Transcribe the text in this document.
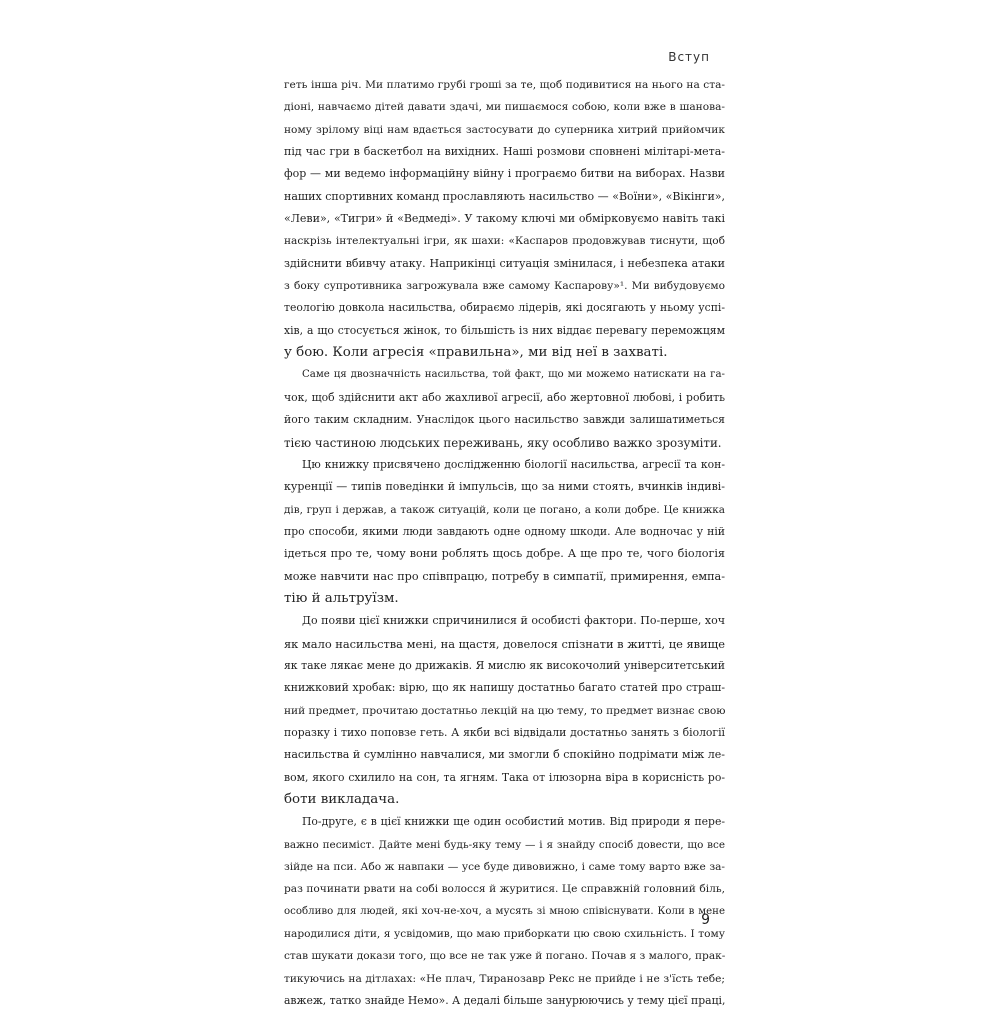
Вступ
геть інша річ. Ми платимо грубі гроші за те, щоб подивитися на нього на ста-
діоні, навчаємо дітей давати здачі, ми пишаємося собою, коли вже в шанова-
ному зрілому віці нам вдається застосувати до суперника хитрий прийомчик
під час гри в баскетбол на вихідних. Наші розмови сповнені мілітарі-мета-
фор — ми ведемо інформаційну війну і програємо битви на виборах. Назви
наших спортивних команд прославляють насильство — «Воїни», «Вікінги»,
«Леви», «Тигри» й «Ведмеді». У такому ключі ми обмірковуємо навіть такі
наскрізь інтелектуальні ігри, як шахи: «Каспаров продовжував тиснути, щоб
здійснити вбивчу атаку. Наприкінці ситуація змінилася, і небезпека атаки
з боку супротивника загрожувала вже самому Каспарову»¹. Ми вибудовуємо
теологію довкола насильства, обираємо лідерів, які досягають у ньому успі-
хів, а що стосується жінок, то більшість із них віддає перевагу переможцям
у бою. Коли агресія «правильна», ми від неї в захваті.
Саме ця двозначність насильства, той факт, що ми можемо натискати на га-
чок, щоб здійснити акт або жахливої агресії, або жертовної любові, і робить
його таким складним. Унаслідок цього насильство завжди залишатиметься
тією частиною людських переживань, яку особливо важко зрозуміти.
Цю книжку присвячено дослідженню біології насильства, агресії та кон-
куренції — типів поведінки й імпульсів, що за ними стоять, вчинків індиві-
дів, груп і держав, а також ситуацій, коли це погано, а коли добре. Це книжка
про способи, якими люди завдають одне одному шкоди. Але водночас у ній
ідеться про те, чому вони роблять щось добре. А ще про те, чого біологія
може навчити нас про співпрацю, потребу в симпатії, примирення, емпа-
тію й альтруїзм.
До появи цієї книжки спричинилися й особисті фактори. По-перше, хоч
як мало насильства мені, на щастя, довелося спізнати в житті, це явище
як таке лякає мене до дрижаків. Я мислю як високочолий університетський
книжковий хробак: вірю, що як напишу достатньо багато статей про страш-
ний предмет, прочитаю достатньо лекцій на цю тему, то предмет визнає свою
поразку і тихо поповзе геть. А якби всі відвідали достатньо занять з біології
насильства й сумлінно навчалися, ми змогли б спокійно подрімати між ле-
вом, якого схилило на сон, та ягням. Така от ілюзорна віра в корисність ро-
боти викладача.
По-друге, є в цієї книжки ще один особистий мотив. Від природи я пере-
важно песиміст. Дайте мені будь-яку тему — і я знайду спосіб довести, що все
зійде на пси. Або ж навпаки — усе буде дивовижно, і саме тому варто вже за-
раз починати рвати на собі волосся й журитися. Це справжній головний біль,
особливо для людей, які хоч-не-хоч, а мусять зі мною співіснувати. Коли в мене
народилися діти, я усвідомив, що маю приборкати цю свою схильність. І тому
став шукати докази того, що все не так уже й погано. Почав я з малого, прак-
тикуючись на дітлахах: «Не плач, Тиранозавр Рекс не прийде і не з'їсть тебе;
авжеж, татко знайде Немо». А дедалі більше занурюючись у тему цієї праці,
9
